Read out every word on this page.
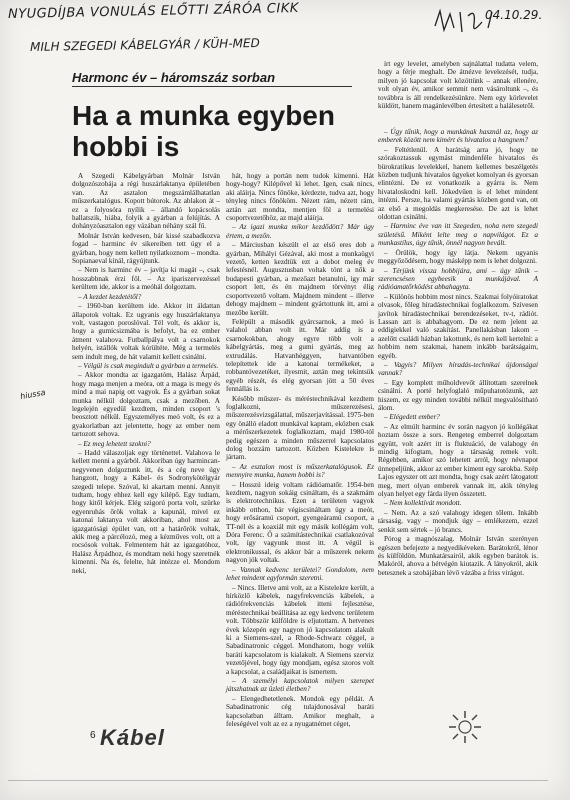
NYUGDÍJBA VONULÁS ELŐTTI ZÁRÓA CIKK
MILH SZEGEDI KÁBELGYÁR / KÜH-MED
04.10.29.
Harmonc év – háromszáz sorban
Ha a munka egyben
hobbi is
hiussa

A Szegedi Kábelgyárban Molnár István dolgozószobája a régi huszárlaktanya épületében van. Az asztalon megszámlálhatatlan műszerkatalógus. Kopott bútorok. Az ablakon át – ez a folyosóra nyílik – állandó kopácsolás hallatszik, hiába, folyik a gyárban a felújítás. A dohányzóasztalon egy vázában néhány szál fű.

Molnár István kedvesen, bár kissé szabadkozva fogad – harminc év sikereiben tett úgy el a gyárban, hogy nem kellett nyilatkoznom – mondta. Sopianaeval kínál, rágyújtunk.

– Nem is harminc év – javítja ki magát –, csak hosszabbnak érzi föl. – Az ipariszervezéssel kerültem ide, akkor is a meóhál dolgoztam.

– A kezdet kezdetétől?

– 1960-ban kerültem ide. Akkor itt áldattan állapotok voltak. Ez ugyanis egy huszárlaktanya volt, vastagon poroslóval. Tél volt, és akkor is, hogy a gumicsizmába is befolyt, ha ez ember átment valahova. Futballpálya volt a csarnokok helyén, istállók voltak kórültéte. Még a termelés sem indult meg, de hát valamit kellett csinálni.

– Vélgül is csak megindult a gyárban a termelés.

– Akkor mondta az igazgatóm, Halász Árpád, hogy maga menjen a meóra, ott a maga is megy és mind a mai napig ott vagyok. És a gyárban sokat munka nélkül dolgoztam, csak a mezőben. A legelején egyedül kezdtem, minden csoport 's beosztott nélkül. Egyszemélyes meó volt, és ez a gyakorlatban azt jelentette, hogy az ember nem tartozott sehova.

– Ez meg lehetett szokni?

– Hadd válaszoljak egy történettel. Valahova le kellett menni a gyárból. Akkoriban úgy harmincan-negyvenen dolgoztunk itt, és a cég neve úgy hangzott, hogy a Kábel- és Sodronykötélgyár szegedi telepe. Szóval, ki akartam menni. Annyit tudtam, hogy ehhez kell egy kilépő. Egy tudtam, hogy kitől kérjek. Elég szigorú porta volt, szürke egyenruhás őrök voltak a kapunál, mivel ez katonai laktanya volt akkoriban, ahol most az igazgatósági épület van, ott a határőrök voltak, akik meg a párcélozó, meg a kézműves volt, ott a rocsósok voltak. Felmentem hát az igazgatóhoz, Halász Árpádhoz, és mondtam neki hogy szeretnék kimenni. Na és, felelte, hát intézze el. Mondom nekí,

hát, hogy a portán nem tudok kimenni. Hát hogy-hogy? Kilépővel ki lehet. Igen, csak nincs, aki aláírja. Nincs főnöke, kérdezte, tudva azt, hogy tényleg nincs főnököm. Nézett rám, nézett rám, aztán azt mondta, mentjen föl a termelési csoportvezetőhöz, az majd aláírja.

– Az igazi munka mikor kezdődött? Már úgy értem, a mezőn.

– Márciusban készült el az első eres dob a gyárban, Mihályi Gézával, aki most a munkaügyi vezető, ketten kezdtük ezt a dobot meleg év lefestésnél. Augusztusban voltak tönt a nők a budapesti gyárban, a mezőazt betanulni, így már csoport lett, és én majdnem törvényt élig csoportvezető voltam. Majdnem mindent – illetve dehogy majdnem – mindent gyártottunk itt, ami a mezőbe került.

Felépült a második gyárcsarnok, a meó is valahol abban volt itt. Már addig is a csarnokokban, ahogy egyre több volt a kábelgyártás, meg a gumi gyártás, meg az extrudálás. Hatvanhéggyen, hatvantöben telepítettek ide a katonai termékeket, a robbantóvezetéket, ilyesmit, aztán meg tekintsük egyéb részét, és elég gyorsan jött a 50 éves fennállás is.

Később műszer- és méréstechnikával kezdtem foglalkozni, műszerezésesi, műszerezésvizsgálattal, műszerjavítással. 1975-ben egy önálló eladott munkával kaptam, eközben csak a mérőszerkezetek foglalkoztam, majd 1980-tól pedig egészen a minden műszerrel kapcsolatos dolog hozzám tartozott. Közben Kistelekre is jártam.

– Az esztalon most is műszerkatalógusok. Ez mennyire munka, hanem hobbi is?

– Hosszú ideig voltam rádióamatőr. 1954-ben kezdtem, nagyon sokáig csináltam, és a szakmám is elektrotechnikus. Ezen a területen vagyok inkább otthon, bár végiscsináltam ügy a meót, hogy erősáramú csoport, gyengeáramú csoport, a TT-nél és a koaxiál mit egy másik kollégám volt, Dóra Ferenc. Ő a számítástechnikai csatlakozóval volt, így vagyunk most itt. A végül is elektronikussal, és akkor bár a műszerek nekem nagyon jók voltak.

– Vannak kedvenc területei? Gondolom, nem lehet mindent egyformán szeretni.

– Nincs. Illetve ami volt, az a Kistelekre került, a hírközlő kábelek, nagyfrekvenciás kábelek, a rádiófrekvenciás kábelek itteni fejlesztése, méréstechnikai beállítása az egy kedvenc területem volt. Többször külföldre is eljutottam. A hetvenes évek közepén egy nagyon jó kapcsolatom alakult ki a Siemens-szel, a Rhode-Schwarz céggel, a Sabadinatronic céggel. Mondhatom, hogy velük baráti kapcsolatom is kialakult. A Siemens szerviz vezetőjével, hogy úgy mondjam, egész szoros volt a kapcsolat, a családjaikat is ismertem.

– A személyi kapcsolatok milyen szerepet játszhatnak az üzleti életben?

– Elengedhetetlenek. Mondok egy példát. A Sabadinatronic cég tulajdonosával baráti kapcsolatban álltam. Amikor meghalt, a feleségével volt az ez a nyugatnémet céget,

írt egy levelet, amelyben sajnálattal tudatta velem, hogy a férje meghalt. De átnézve levelezését, tudja, milyen jó kapcsolat volt közöttünk – annak ellenére, volt olyan év, amikor semmit nem vásároltunk –, és továbbra is áll rendelkezésünkre. Nem egy körlevelet küldött, hanem magánlevélben értesített a halálesetről.

– Úgy tűnik, hogy a munkának használ az, hogy az emberek között nem kimért és hivatalos a hangnem?

– Feltétlenül. A barátság arra jó, hogy ne szórakoztassuk egymást mindenféle hivatalos és bürokratikus levelekkel, hanem kellemes beszélgetés közben tudjunk hivatalos ügyeket komolyan és gyorsan elintézni. De ez vonatkozik a gyárra is. Nem hivataloskodni kell. Jókedvűen is el lehet mindent intézni. Persze, ha valami gyártás közben gond van, ott az első a megoldás megkeresése. De azt is lehet oldottan csinálni.

– Harminc éve van itt Szegeden, noha nem szegedi születésű. Miként lelte meg a napvilágot. Ez a munkastílus, úgy tűnik, önnél nagyon bevált.

– Örülök, hogy így látja. Nekem ugyanis meggyőződésem, hogy másképp nem is lehet dolgozni.

– Térjünk vissza hobbijára, ami – úgy tűnik – szerencsésen egybeesik a munkájával. A rádióamatőrködést abbahagyta.

– Különös hobbim most nincs. Szakmai folyóiratokat olvasok, főleg híradástechnikai foglalkozom. Szívesen javítok híradástechnikai berendezéseket, tv-t, rádiót. Lassan azt is abbahagyom. De ez nem jelent az eddigiekkel való szakítást. Panellakásban lakom – azelőtt családi házban lakottunk, és nem kell kertelni: a hobbim nem szakmai, hanem inkább barátságaim, egyéb.

– Vagyis? Milyen híradás-technikai újdonságai vannak?

– Egy komplett műholdvevőt állítottam szerelnek csinálni. A porté helyfoglaló műpuhatotózunk, azt hiszem, ez egy minden további nélkül megvalósítható álom.

– Elégedett ember?

– Az elmúlt harminc év során nagyon jó kollégákat hoztam össze a sors. Rengeteg emberrel dolgoztam együtt, volt azért itt is fluktuáció, de valahogy én mindig kifogtam, hogy a társaság remek volt. Régebben, amikor szó lehetett arról, hogy névnapot ünnepeljünk, akkor az ember kiment egy sarokba. Szép Lajos egyszer ott azt mondta, hogy csak azért látogatott meg, mert olyan emberek vannak itt, akik tényleg olyan helyet egy fárda ilyen összetett.

– Nem kollektívát mondott.

– Nem. Az a szó valahogy idegen tőlem. Inkább társaság, vagy – mondjuk úgy – emlékezem, ezzel senkit sem sértek – jó brancs.

Pórog a magnószalag. Molnár István szerényen egészen befejezte a negyedikéveken. Barátokról, lénor és külföldön. Munkatársairól, akik egyben barátok is. Makóról, ahova a hétvégén kiutazik. A lányokról, akik betesznek a szobájában lévő vázába a friss virágot.

6 Kábel
